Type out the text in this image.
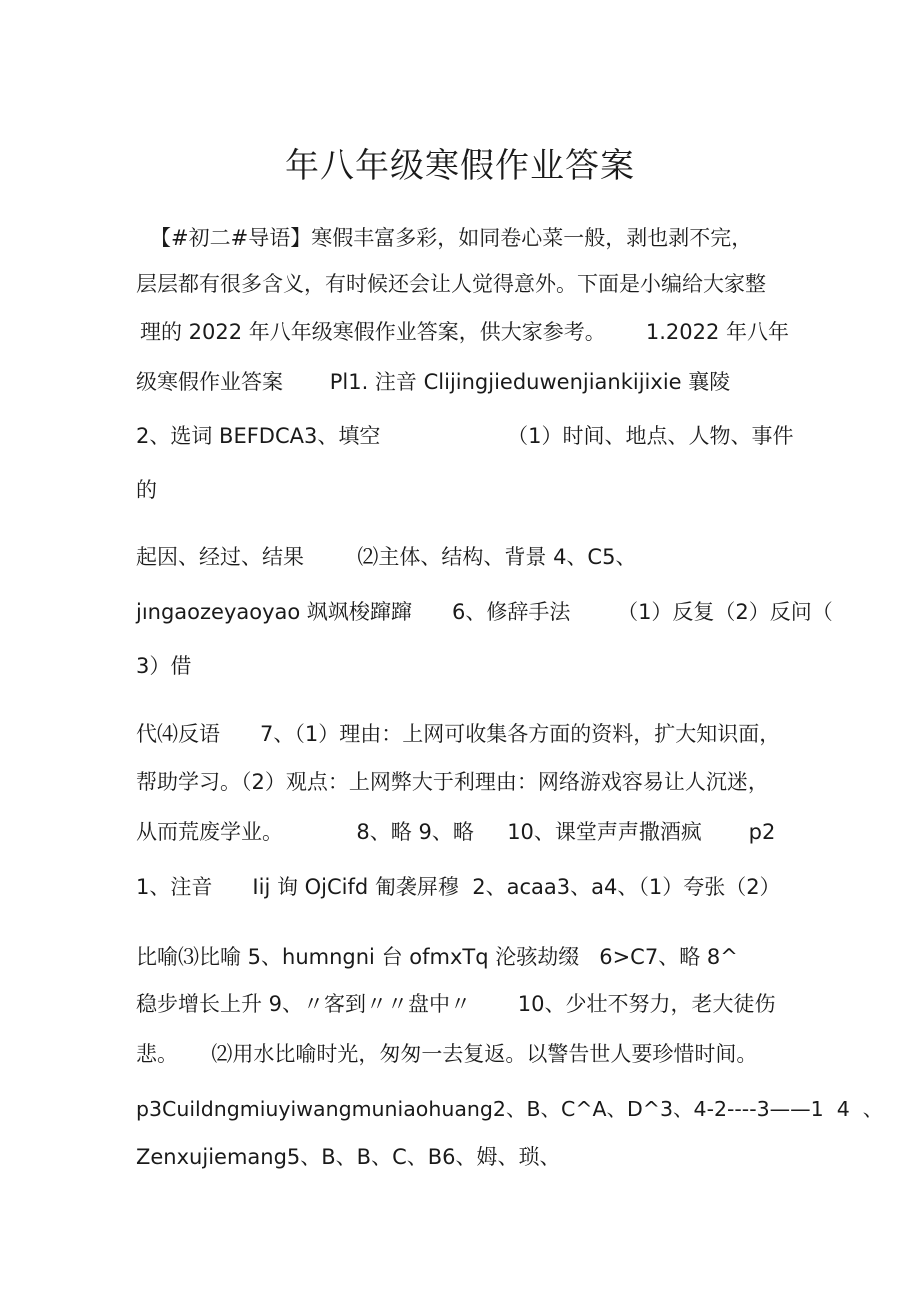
年八年级寒假作业答案
【#初二#导语】寒假丰富多彩，如同卷心菜一般，剥也剥不完，
层层都有很多含义，有时候还会让人觉得意外。下面是小编给大家整
理的 2022 年八年级寒假作业答案，供大家参考。      1.2022 年八年
级寒假作业答案       Pl1. 注音 Clijingjieduwenjiankijixie 襄陵
2、选词 BEFDCA3、填空                   （1）时间、地点、人物、事件
的
起因、经过、结果        ⑵主体、结构、背景 4、C5、
jıngaozeyaoyao 飒飒梭蹿蹿      6、修辞手法       （1）反复（2）反问（
3）借
代⑷反语      7、（1）理由：上网可收集各方面的资料，扩大知识面，
帮助学习。（2）观点：上网弊大于利理由：网络游戏容易让人沉迷，
从而荒废学业。           8、略 9、略     10、课堂声声撒酒疯       p2
1、注音      Iij 询 OjCifd 匍袭屏穆  2、acaa3、a4、（1）夸张（2）
比喻⑶比喻 5、humngni 台 ofmxTq 沦骇劫缀   6>C7、略 8^
稳步增长上升 9、〃客到〃〃盘中〃       10、少壮不努力，老大徒伤
悲。     ⑵用水比喻时光，匆匆一去复返。以警告世人要珍惜时间。
p3Cuildngmiuyiwangmuniaohuang2、B、C^A、D^3、4-2----3——1  4  、
Zenxujiemang5、B、B、C、B6、姆、琐、
